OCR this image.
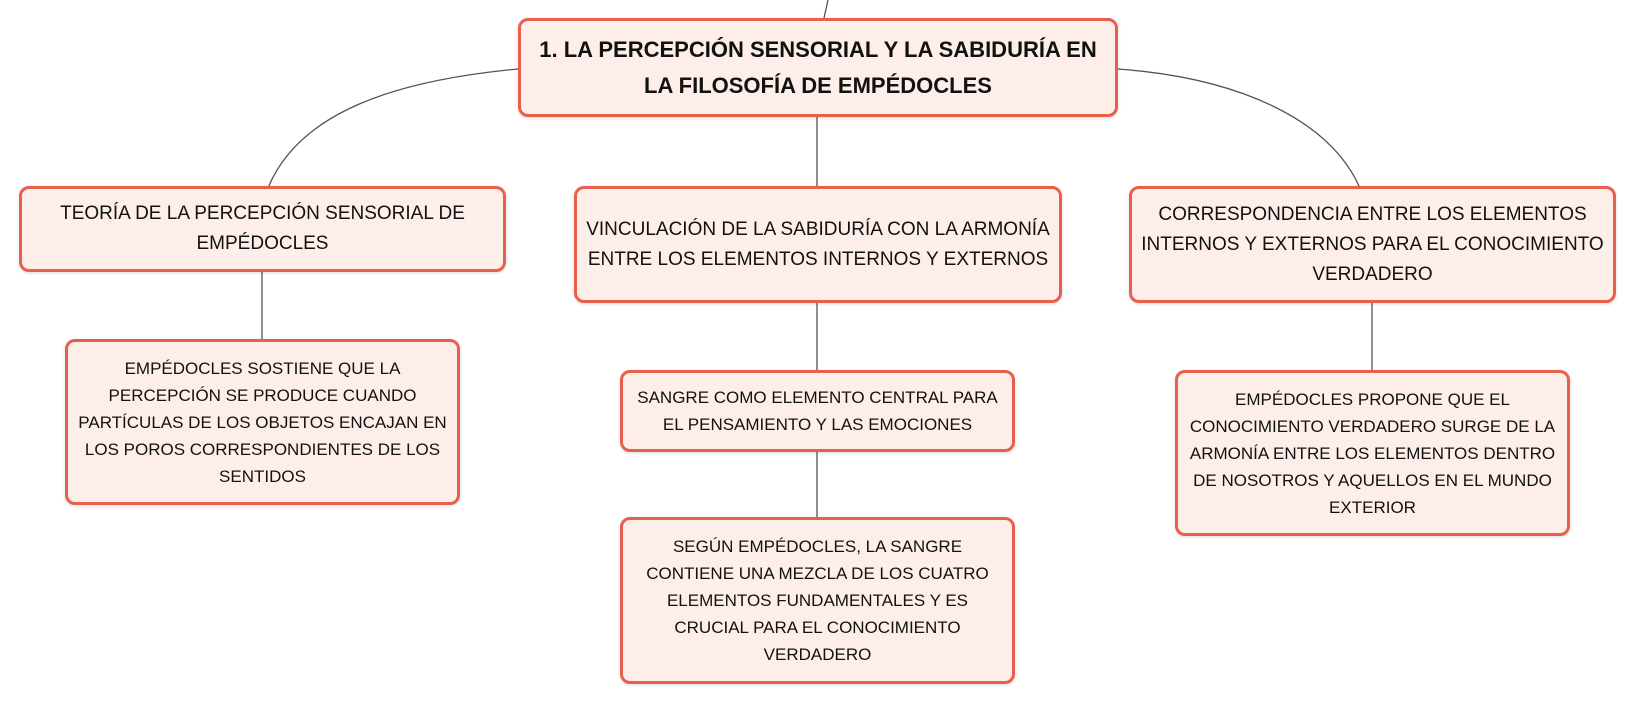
1. LA PERCEPCIÓN SENSORIAL Y LA SABIDURÍA EN LA FILOSOFÍA DE EMPÉDOCLES
TEORÍA DE LA PERCEPCIÓN SENSORIAL DE EMPÉDOCLES
VINCULACIÓN DE LA SABIDURÍA CON LA ARMONÍA ENTRE LOS ELEMENTOS INTERNOS Y EXTERNOS
CORRESPONDENCIA ENTRE LOS ELEMENTOS INTERNOS Y EXTERNOS PARA EL CONOCIMIENTO VERDADERO
EMPÉDOCLES SOSTIENE QUE LA PERCEPCIÓN SE PRODUCE CUANDO PARTÍCULAS DE LOS OBJETOS ENCAJAN EN LOS POROS CORRESPONDIENTES DE LOS SENTIDOS
SANGRE COMO ELEMENTO CENTRAL PARA EL PENSAMIENTO Y LAS EMOCIONES
SEGÚN EMPÉDOCLES, LA SANGRE CONTIENE UNA MEZCLA DE LOS CUATRO ELEMENTOS FUNDAMENTALES Y ES CRUCIAL PARA EL CONOCIMIENTO VERDADERO
EMPÉDOCLES PROPONE QUE EL CONOCIMIENTO VERDADERO SURGE DE LA ARMONÍA ENTRE LOS ELEMENTOS DENTRO DE NOSOTROS Y AQUELLOS EN EL MUNDO EXTERIOR
